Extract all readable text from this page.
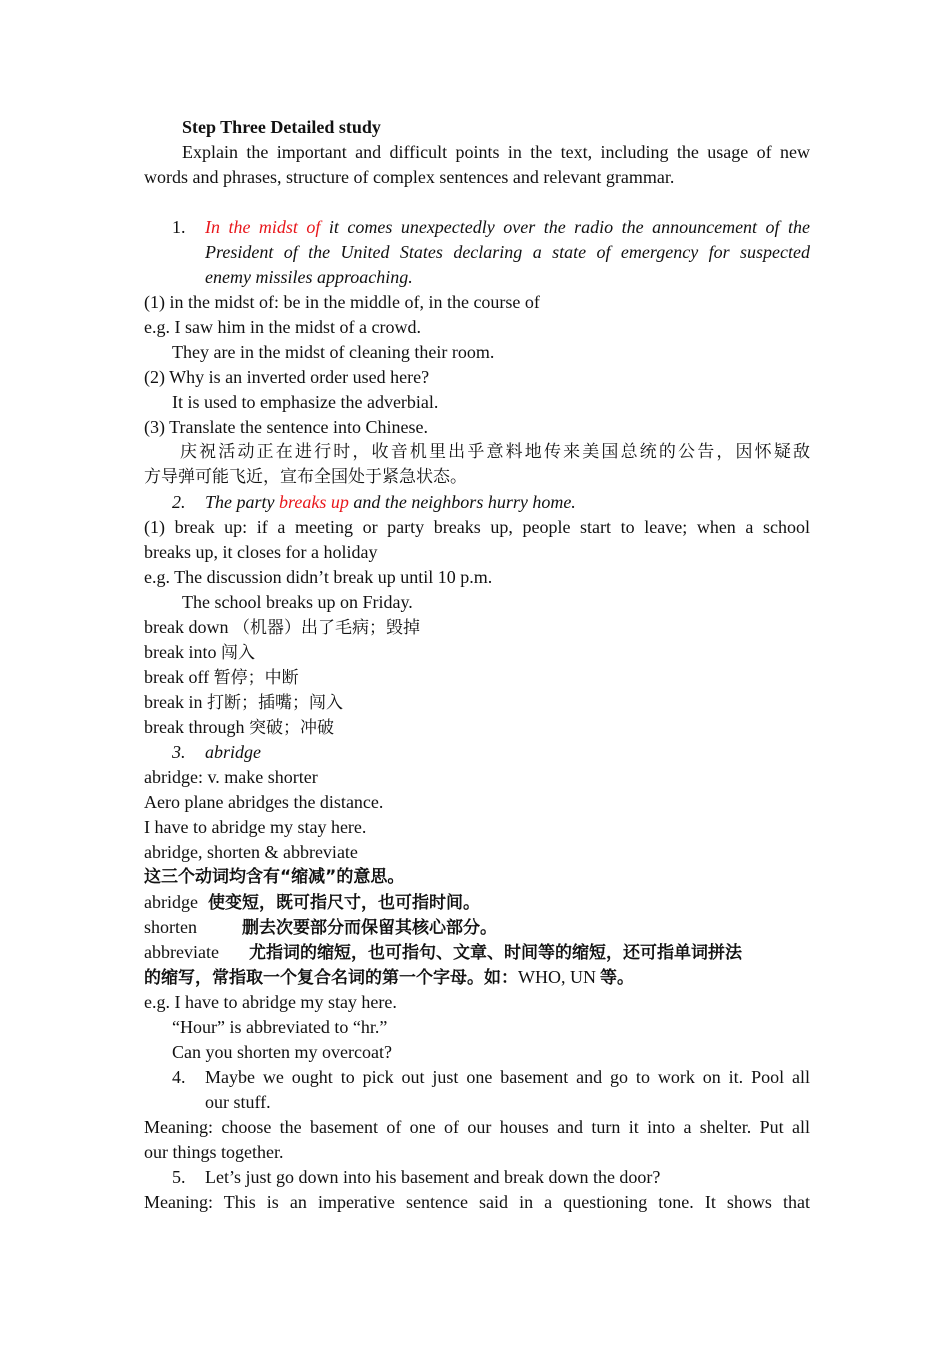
Step Three Detailed study
Explain the important and difficult points in the text, including the usage of new
words and phrases, structure of complex sentences and relevant grammar.
1. In the midst of it comes unexpectedly over the radio the announcement of the
President of the United States declaring a state of emergency for suspected
enemy missiles approaching.
(1) in the midst of: be in the middle of, in the course of
e.g. I saw him in the midst of a crowd.
They are in the midst of cleaning their room.
(2) Why is an inverted order used here?
It is used to emphasize the adverbial.
(3) Translate the sentence into Chinese.
庆祝活动正在进行时，收音机里出乎意料地传来美国总统的公告，因怀疑敌
方导弹可能飞近，宣布全国处于紧急状态。
2. The party breaks up and the neighbors hurry home.
(1) break up: if a meeting or party breaks up, people start to leave; when a school
breaks up, it closes for a holiday
e.g. The discussion didn’t break up until 10 p.m.
The school breaks up on Friday.
break down （机器）出了毛病；毁掉
break into 闯入
break off 暂停；中断
break in 打断；插嘴；闯入
break through 突破；冲破
3. abridge
abridge: v. make shorter
Aero plane abridges the distance.
I have to abridge my stay here.
abridge, shorten & abbreviate
这三个动词均含有“缩减”的意思。
abridge 使变短，既可指尺寸，也可指时间。
shorten	删去次要部分而保留其核心部分。
abbreviate 尤指词的缩短，也可指句、文章、时间等的缩短，还可指单词拼法
的缩写，常指取一个复合名词的第一个字母。如：WHO, UN 等。
e.g. I have to abridge my stay here.
“Hour” is abbreviated to “hr.”
Can you shorten my overcoat?
4. Maybe we ought to pick out just one basement and go to work on it. Pool all
our stuff.
Meaning: choose the basement of one of our houses and turn it into a shelter. Put all
our things together.
5. Let’s just go down into his basement and break down the door?
Meaning: This is an imperative sentence said in a questioning tone. It shows that
